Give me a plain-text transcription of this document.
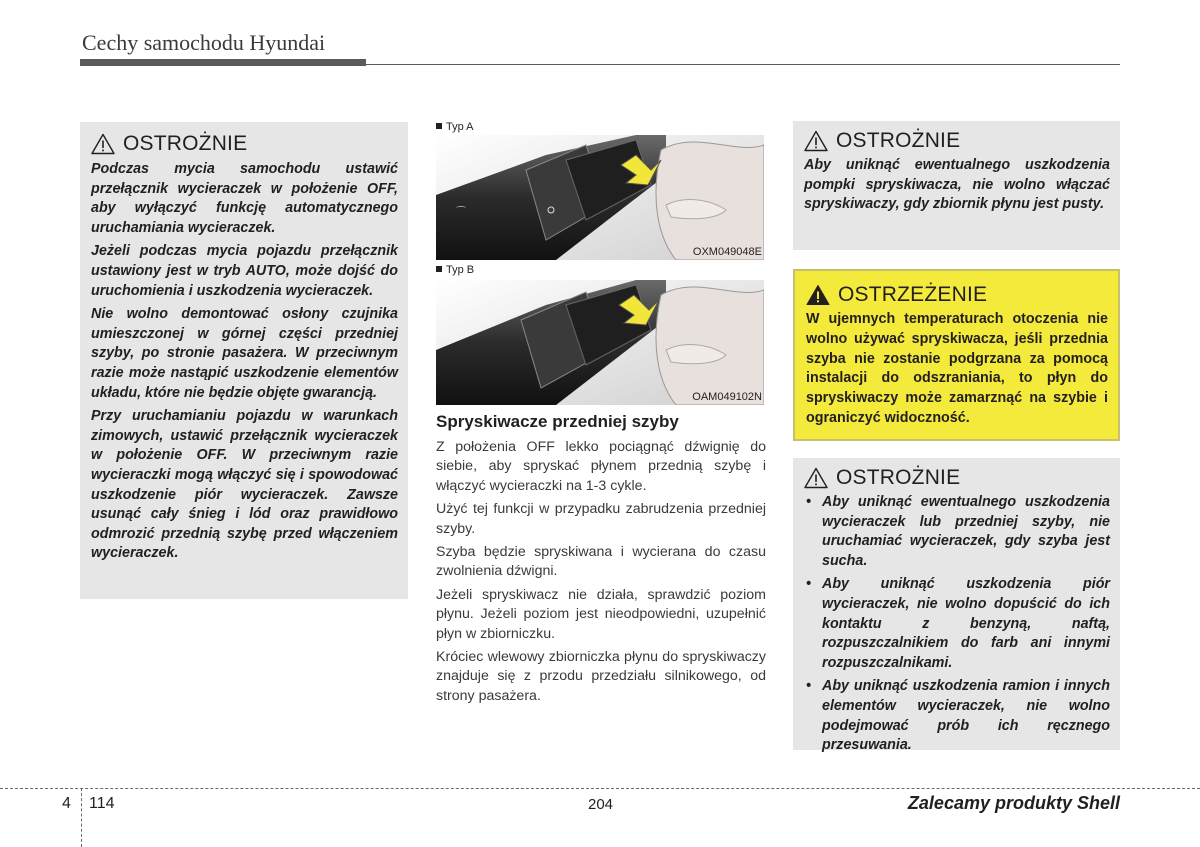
Cechy samochodu Hyundai
OSTROŻNIE

Podczas mycia samochodu ustawić przełącznik wycieraczek w położenie OFF, aby wyłączyć funkcję automatycznego uruchamiania wycieraczek.

Jeżeli podczas mycia pojazdu przełącznik ustawiony jest w tryb AUTO, może dojść do uruchomienia i uszkodzenia wycieraczek.

Nie wolno demontować osłony czujnika umieszczonej w górnej części przedniej szyby, po stronie pasażera. W przeciwnym razie może nastąpić uszkodzenie elementów układu, które nie będzie objęte gwarancją.

Przy uruchamianiu pojazdu w warunkach zimowych, ustawić przełącznik wycieraczek w położenie OFF. W przeciwnym razie wycieraczki mogą włączyć się i spowodować uszkodzenie piór wycieraczek. Zawsze usunąć cały śnieg i lód oraz prawidłowo odmrozić przednią szybę przed włączeniem wycieraczek.

Typ A
⌒
OXM049048E
Typ B
OAM049102N
Spryskiwacze przedniej szyby

Z położenia OFF lekko pociągnąć dźwignię do siebie, aby spryskać płynem przednią szybę i włączyć wycieraczki na 1-3 cykle.

Użyć tej funkcji w przypadku zabrudzenia przedniej szyby.

Szyba będzie spryskiwana i wycierana do czasu zwolnienia dźwigni.

Jeżeli spryskiwacz nie działa, sprawdzić poziom płynu. Jeżeli poziom jest nieodpowiedni, uzupełnić płyn w zbiorniczku.

Króciec wlewowy zbiorniczka płynu do spryskiwaczy znajduje się z przodu przedziału silnikowego, od strony pasażera.

OSTROŻNIE

Aby uniknąć ewentualnego uszkodzenia pompki spryskiwacza, nie wolno włączać spryskiwaczy, gdy zbiornik płynu jest pusty.

OSTRZEŻENIE

W ujemnych temperaturach otoczenia nie wolno używać spryskiwacza, jeśli przednia szyba nie zostanie podgrzana za pomocą instalacji do odszraniania, to płyn do spryskiwaczy może zamarznąć na szybie i ograniczyć widoczność.

OSTROŻNIE
• Aby uniknąć ewentualnego uszkodzenia wycieraczek lub przedniej szyby, nie uruchamiać wycieraczek, gdy szyba jest sucha.
• Aby uniknąć uszkodzenia piór wycieraczek, nie wolno dopuścić do ich kontaktu z benzyną, naftą, rozpuszczalnikiem do farb ani innymi rozpuszczalnikami.
• Aby uniknąć uszkodzenia ramion i innych elementów wycieraczek, nie wolno podejmować prób ich ręcznego przesuwania.
4 114	204	Zalecamy produkty Shell
